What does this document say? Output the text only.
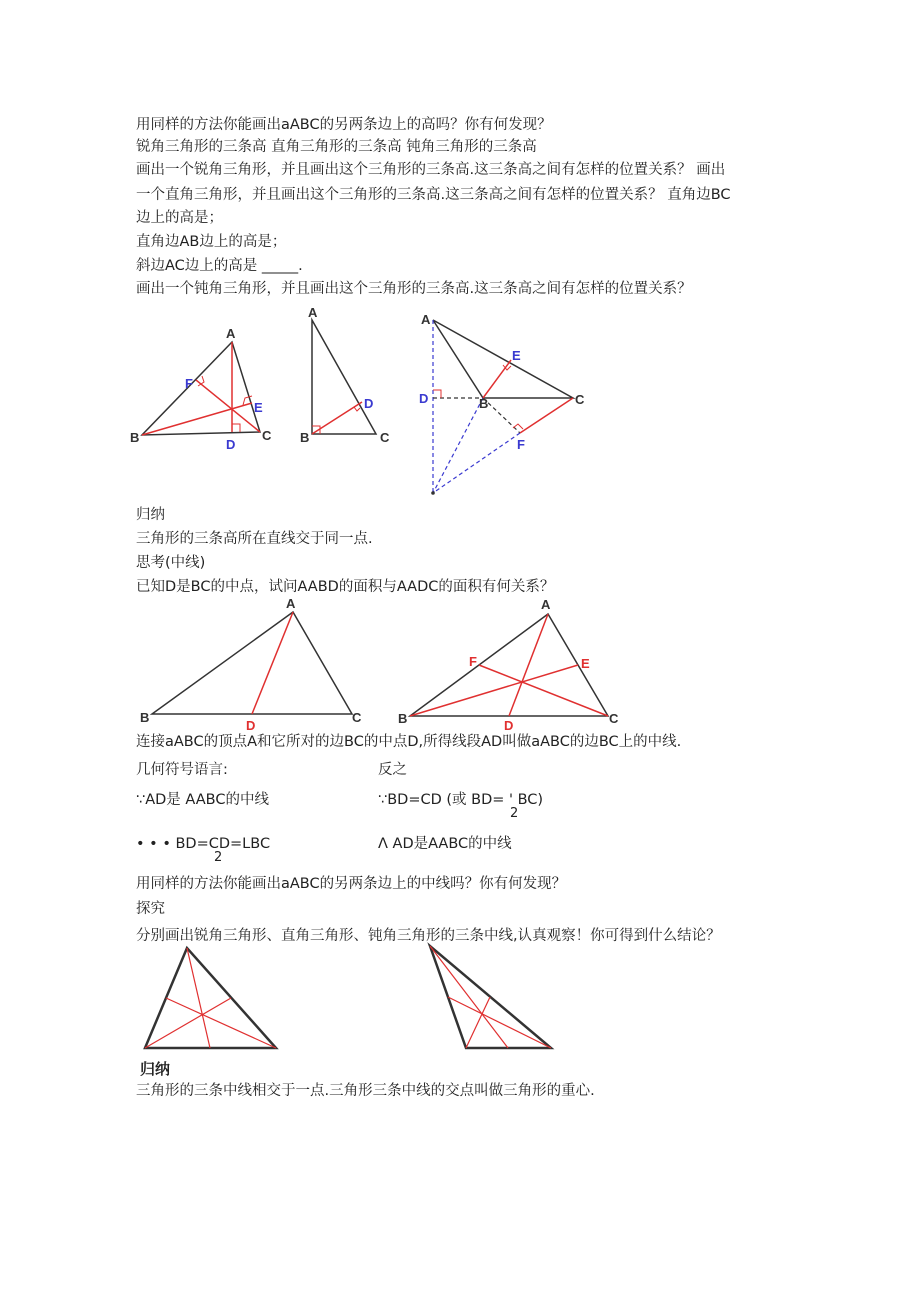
用同样的方法你能画出aABC的另两条边上的高吗？你有何发现？
锐角三角形的三条高 直角三角形的三条高 钝角三角形的三条高
画出一个锐角三角形，并且画出这个三角形的三条高.这三条高之间有怎样的位置关系？ 画出
一个直角三角形，并且画出这个三角形的三条高.这三条高之间有怎样的位置关系？ 直角边BC
边上的高是；
直角边AB边上的高是；
斜边AC边上的高是 _____.
画出一个钝角三角形，并且画出这个三角形的三条高.这三条高之间有怎样的位置关系？
A
B	C
D
E
F
A
B	C
D
A
B	C
D
E
F
归纳
三角形的三条高所在直线交于同一点.
思考(中线)
已知D是BC的中点，试问AABD的面积与AADC的面积有何关系？
A
B	C
D
A
B	C
D
E
F
连接aABC的顶点A和它所对的边BC的中点D,所得线段AD叫做aABC的边BC上的中线.
几何符号语言:	反之
∵AD是 AABC的中线	∵BD=CD (或 BD= ' BC)
2
• • • BD=CD=LBC
2
Λ AD是AABC的中线
用同样的方法你能画出aABC的另两条边上的中线吗？你有何发现？
探究
分别画出锐角三角形、直角三角形、钝角三角形的三条中线,认真观察！你可得到什么结论？
归纳
三角形的三条中线相交于一点.三角形三条中线的交点叫做三角形的重心.
